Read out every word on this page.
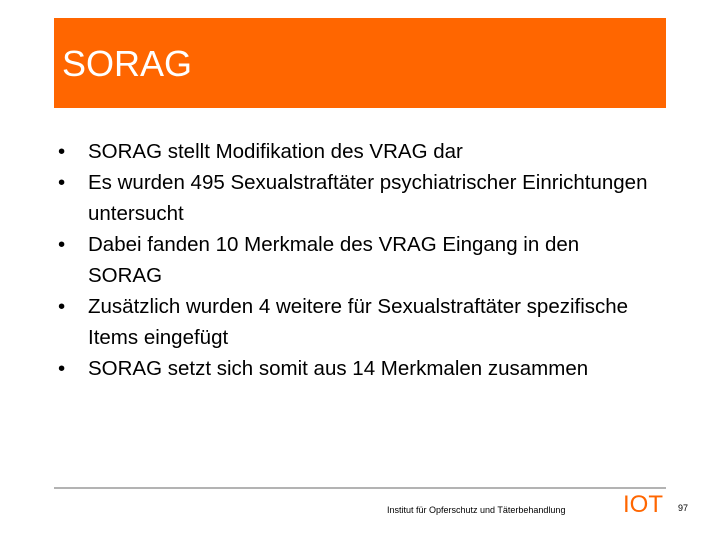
SORAG
• SORAG stellt Modifikation des VRAG dar
• Es wurden 495 Sexualstraftäter psychiatrischer Einrichtungen untersucht
• Dabei fanden 10 Merkmale des VRAG Eingang in den SORAG
• Zusätzlich wurden 4 weitere für Sexualstraftäter spezifische Items eingefügt
• SORAG setzt sich somit aus 14 Merkmalen zusammen
Institut für Opferschutz und Täterbehandlung IOT 97
